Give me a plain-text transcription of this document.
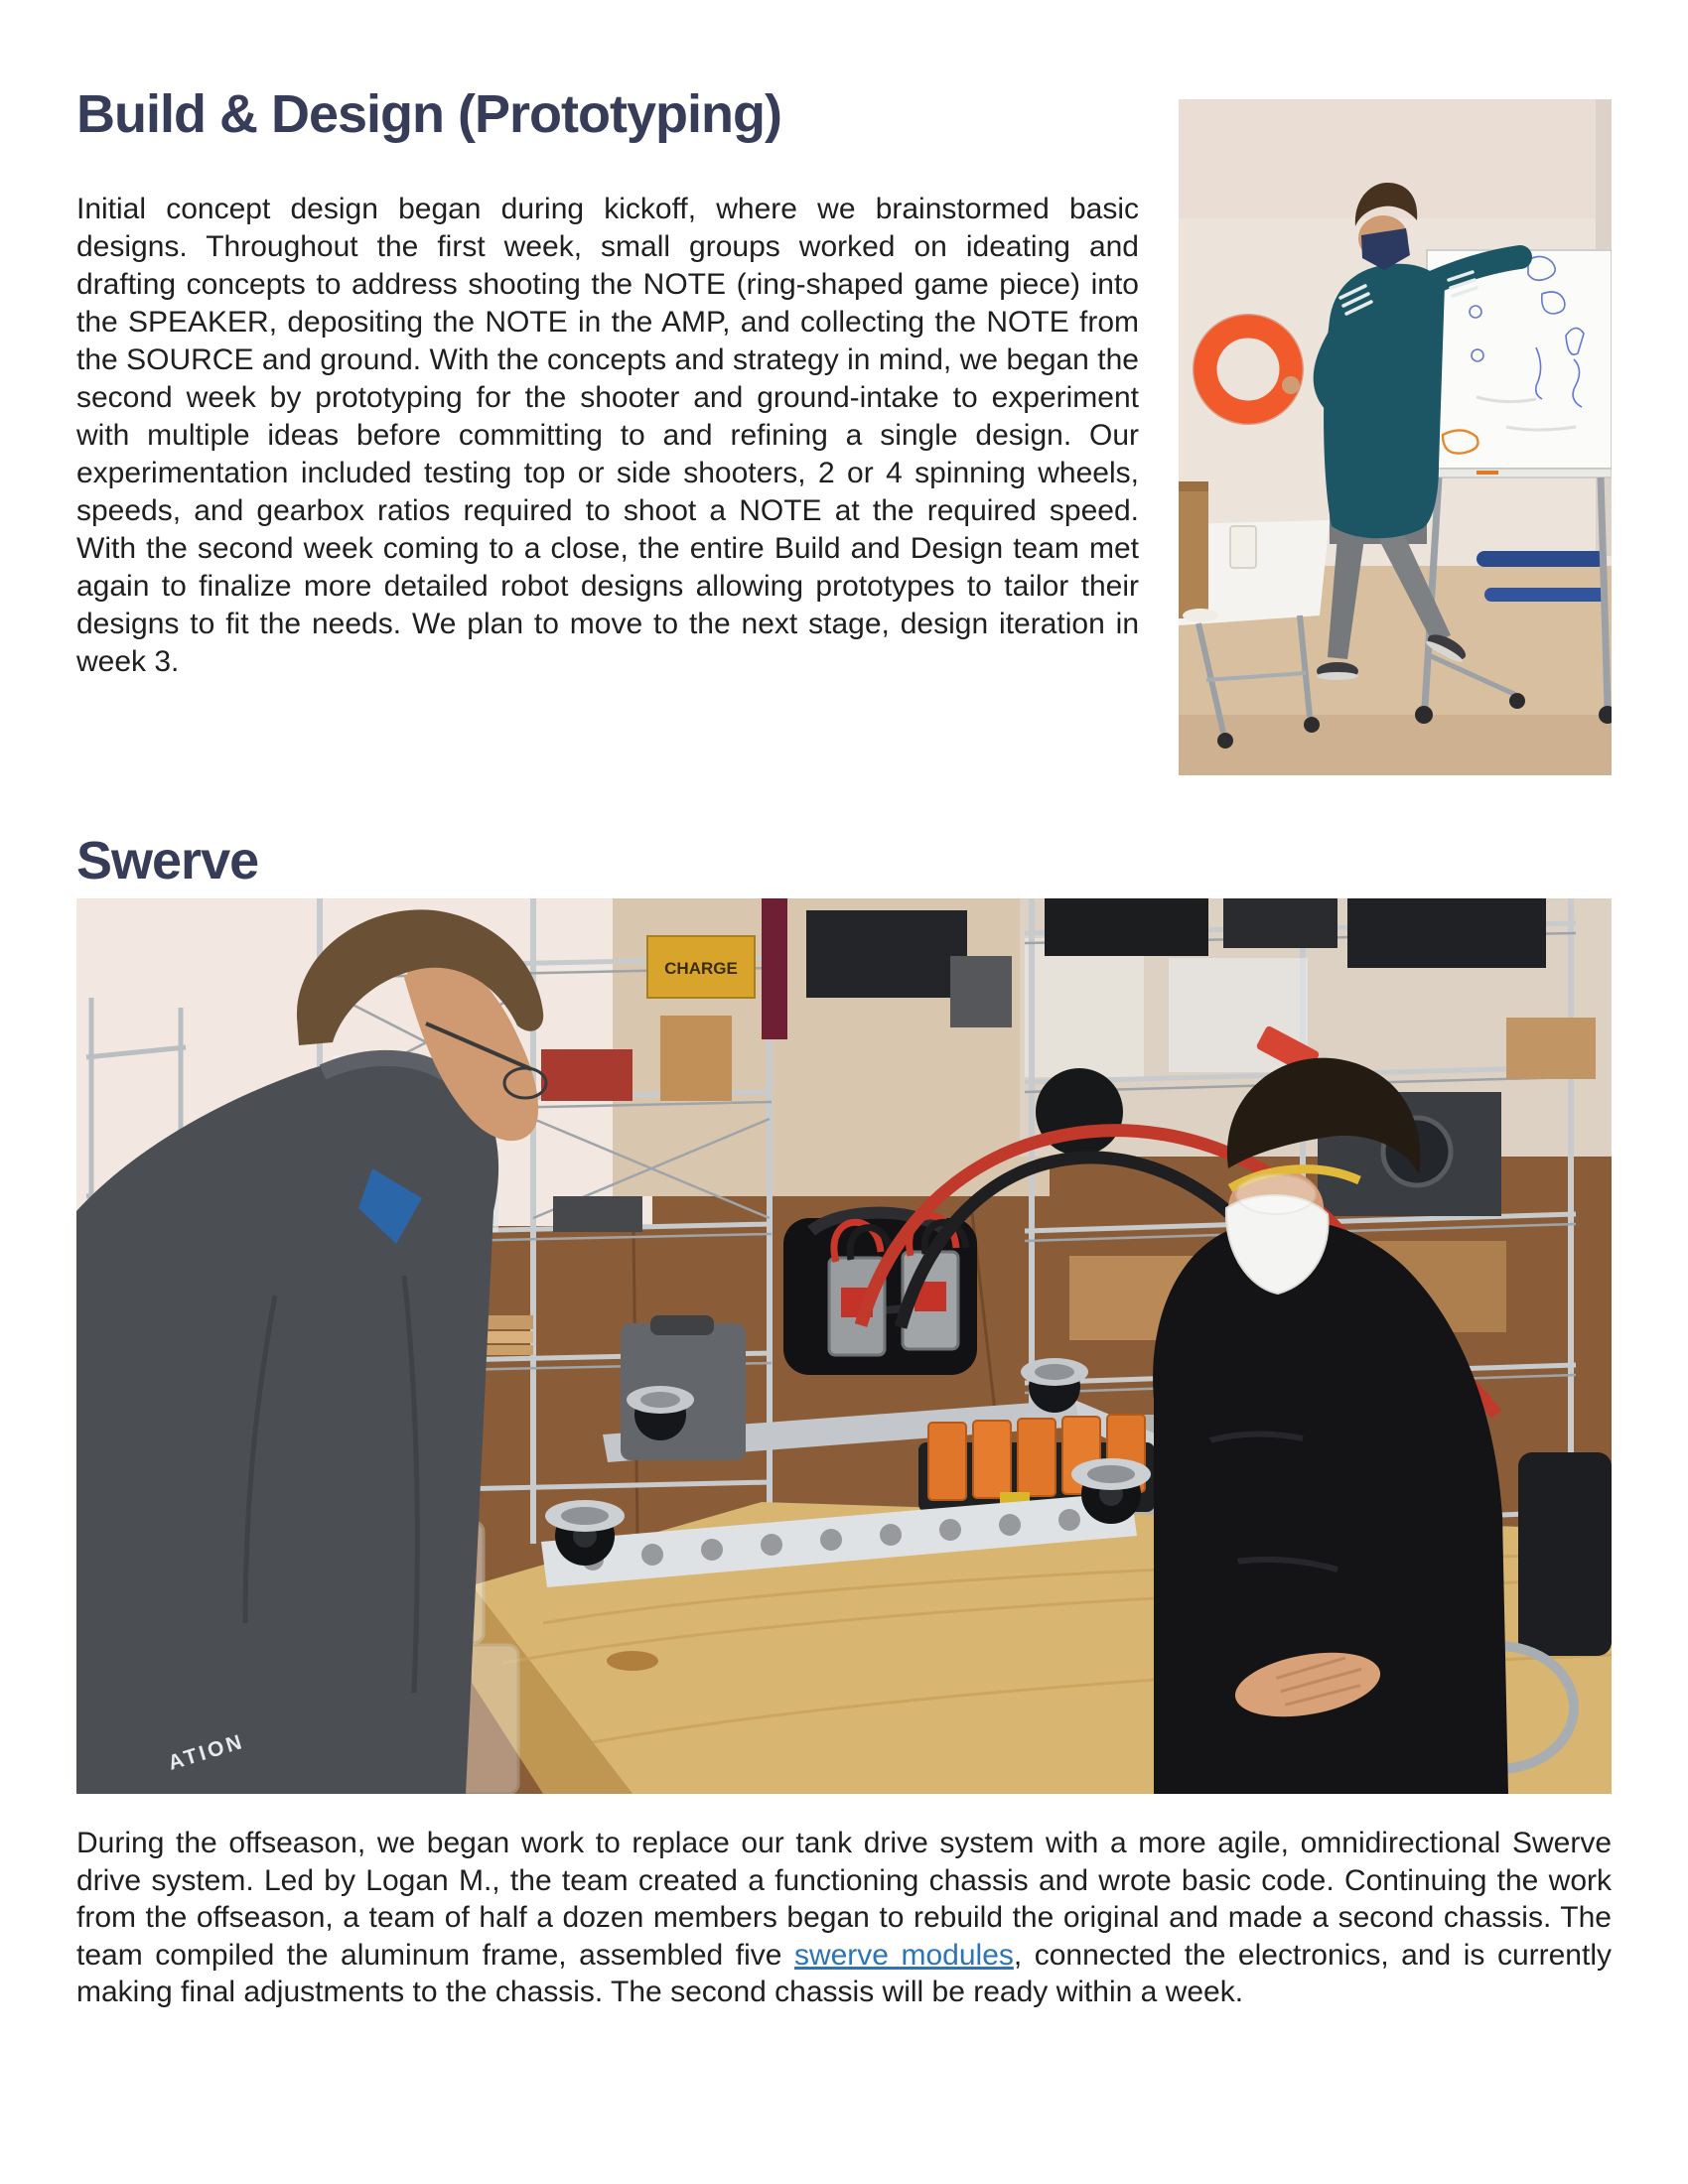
Build & Design (Prototyping)

Initial concept design began during kickoff, where we brainstormed basic designs. Throughout the first week, small groups worked on ideating and drafting concepts to address shooting the NOTE (ring-shaped game piece) into the SPEAKER, depositing the NOTE in the AMP, and collecting the NOTE from the SOURCE and ground. With the concepts and strategy in mind, we began the second week by prototyping for the shooter and ground-intake to experiment with multiple ideas before committing to and refining a single design. Our experimentation included testing top or side shooters, 2 or 4 spinning wheels, speeds, and gearbox ratios required to shoot a NOTE at the required speed. With the second week coming to a close, the entire Build and Design team met again to finalize more detailed robot designs allowing prototypes to tailor their designs to fit the needs. We plan to move to the next stage, design iteration in week 3.

Swerve
CHARGE
ATION

During the offseason, we began work to replace our tank drive system with a more agile, omnidirectional Swerve drive system. Led by Logan M., the team created a functioning chassis and wrote basic code. Continuing the work from the offseason, a team of half a dozen members began to rebuild the original and made a second chassis. The team compiled the aluminum frame, assembled five swerve modules, connected the electronics, and is currently making final adjustments to the chassis. The second chassis will be ready within a week.
